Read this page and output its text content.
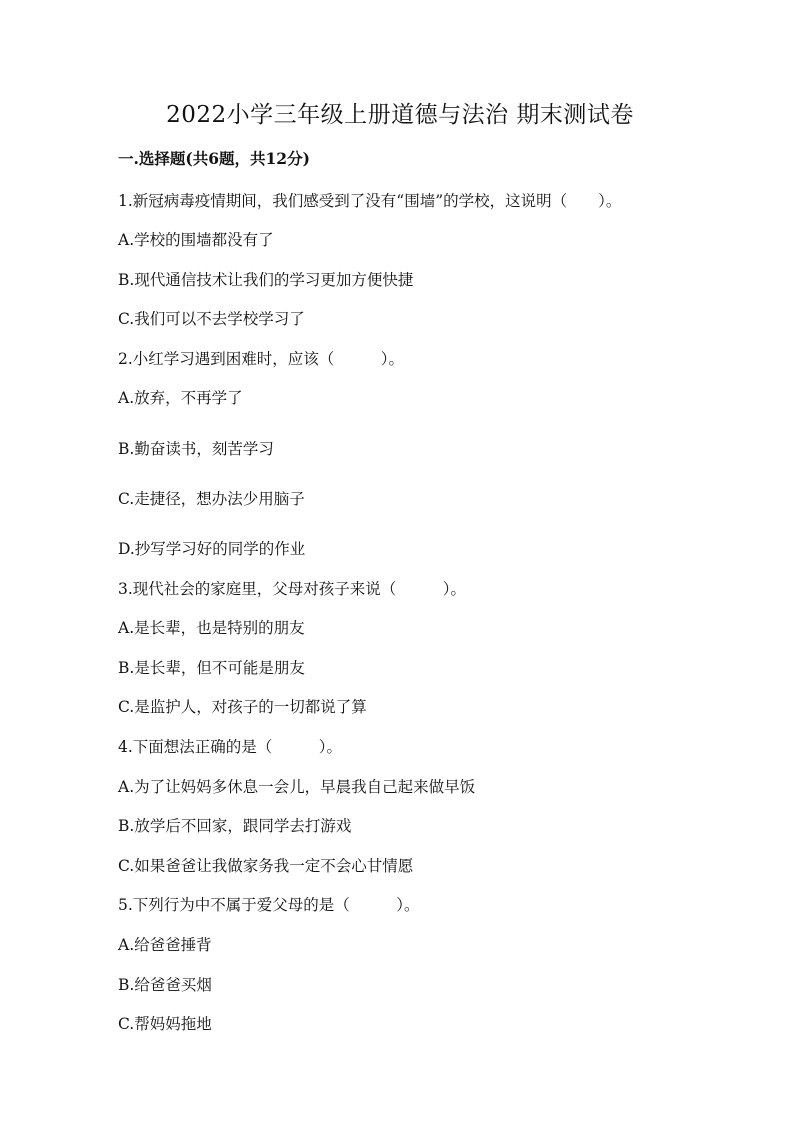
2022小学三年级上册道德与法治 期末测试卷
一.选择题(共6题，共12分)
1.新冠病毒疫情期间，我们感受到了没有“围墙”的学校，这说明（　　）。
A.学校的围墙都没有了
B.现代通信技术让我们的学习更加方便快捷
C.我们可以不去学校学习了
2.小红学习遇到困难时，应该（　　　）。
A.放弃，不再学了
B.勤奋读书，刻苦学习
C.走捷径，想办法少用脑子
D.抄写学习好的同学的作业
3.现代社会的家庭里，父母对孩子来说（　　　）。
A.是长辈，也是特别的朋友
B.是长辈，但不可能是朋友
C.是监护人，对孩子的一切都说了算
4.下面想法正确的是（　　　）。
A.为了让妈妈多休息一会儿，早晨我自己起来做早饭
B.放学后不回家，跟同学去打游戏
C.如果爸爸让我做家务我一定不会心甘情愿
5.下列行为中不属于爱父母的是（　　　）。
A.给爸爸捶背
B.给爸爸买烟
C.帮妈妈拖地
